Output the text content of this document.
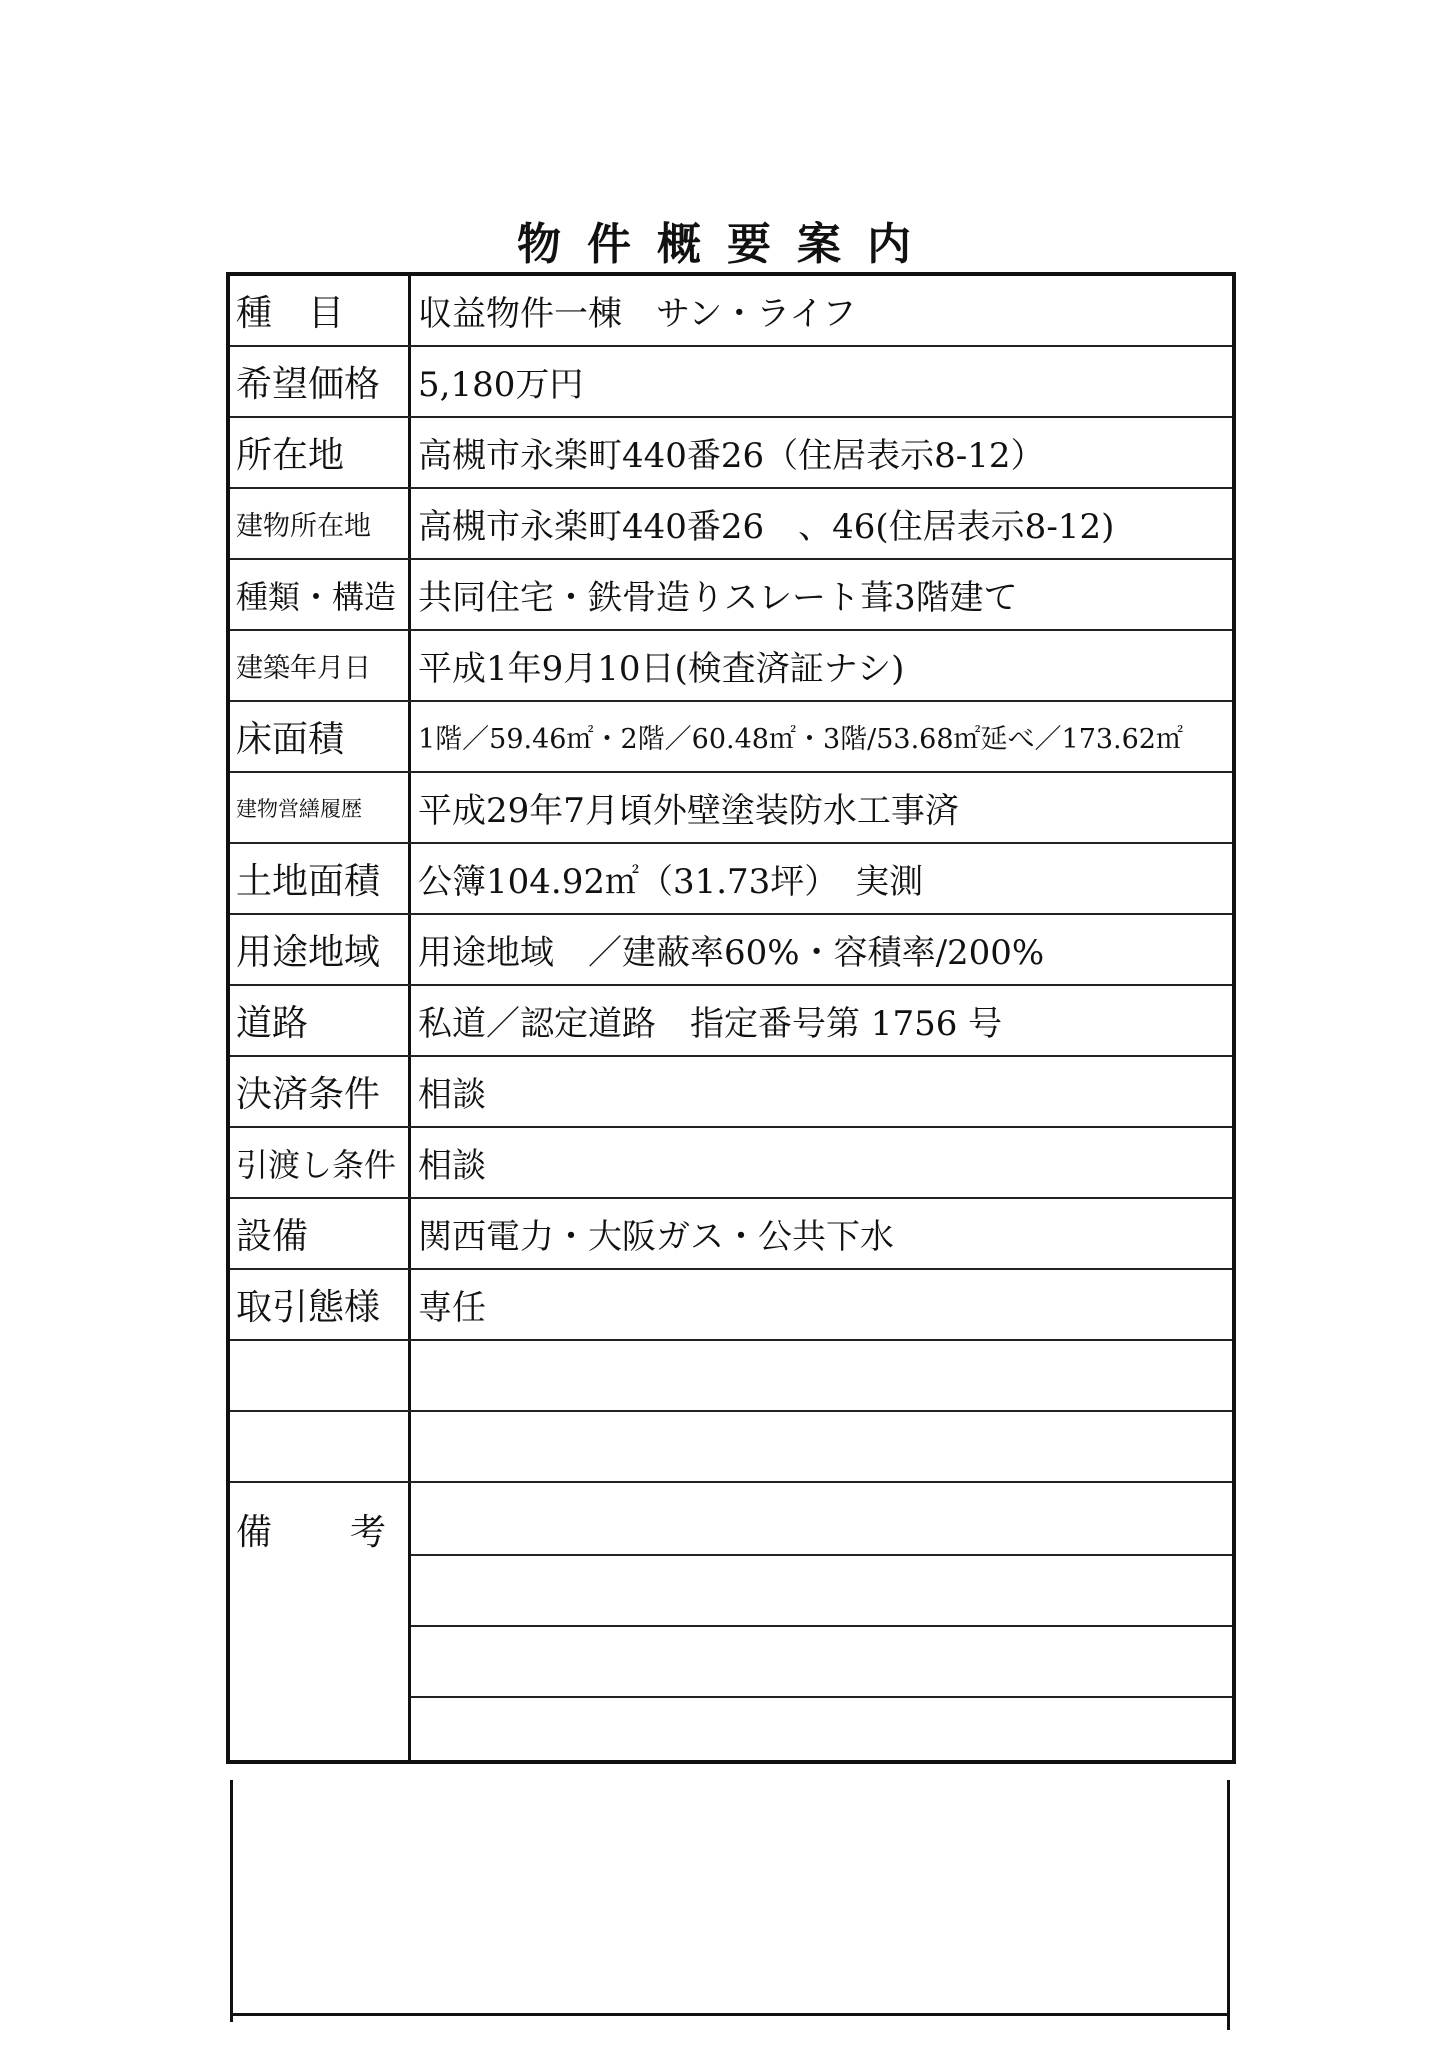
物件概要案内
種　目	収益物件一棟　サン・ライフ
希望価格	5,180万円
所在地	高槻市永楽町440番26（住居表示8-12）
建物所在地	高槻市永楽町440番26　、46(住居表示8-12)
種類・構造 共同住宅・鉄骨造りスレート葺3階建て
建築年月日	平成1年9月10日(検査済証ナシ)
床面積	1階／59.46㎡・2階／60.48㎡・3階/53.68㎡延べ／173.62㎡
建物営繕履歴	平成29年7月頃外壁塗装防水工事済
土地面積	公簿104.92㎡（31.73坪）　実測
用途地域	用途地域　／建蔽率60%・容積率/200%
道路	私道／認定道路　指定番号第 1756 号
決済条件	相談
引渡し条件 相談
設備	関西電力・大阪ガス・公共下水
取引態様	専任
備 考
